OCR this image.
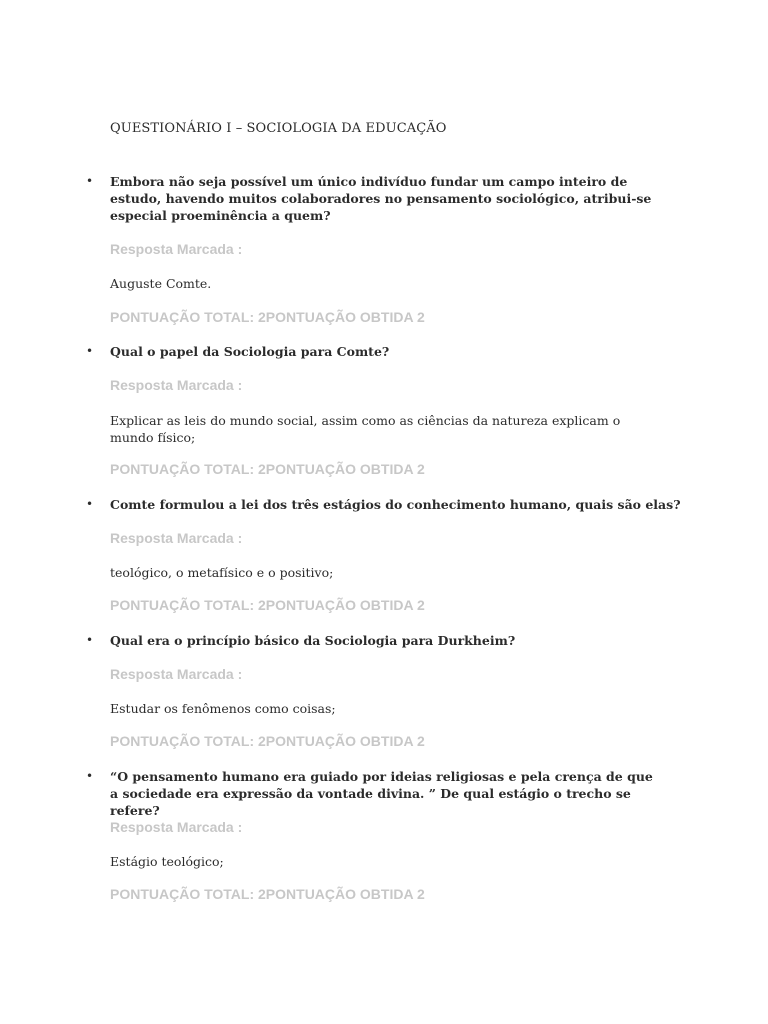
QUESTIONÁRIO I – SOCIOLOGIA DA EDUCAÇÃO
• Embora não seja possível um único indivíduo fundar um campo inteiro de estudo, havendo muitos colaboradores no pensamento sociológico, atribui-se especial proeminência a quem?

Resposta Marcada :

Auguste Comte.

PONTUAÇÃO TOTAL: 2PONTUAÇÃO OBTIDA 2

• Qual o papel da Sociologia para Comte?

Resposta Marcada :

Explicar as leis do mundo social, assim como as ciências da natureza explicam o mundo físico;

PONTUAÇÃO TOTAL: 2PONTUAÇÃO OBTIDA 2

• Comte formulou a lei dos três estágios do conhecimento humano, quais são elas?

Resposta Marcada :

teológico, o metafísico e o positivo;

PONTUAÇÃO TOTAL: 2PONTUAÇÃO OBTIDA 2

• Qual era o princípio básico da Sociologia para Durkheim?

Resposta Marcada :

Estudar os fenômenos como coisas;

PONTUAÇÃO TOTAL: 2PONTUAÇÃO OBTIDA 2

• “O pensamento humano era guiado por ideias religiosas e pela crença de que a sociedade era expressão da vontade divina. ” De qual estágio o trecho se refere?

Resposta Marcada :

Estágio teológico;

PONTUAÇÃO TOTAL: 2PONTUAÇÃO OBTIDA 2
